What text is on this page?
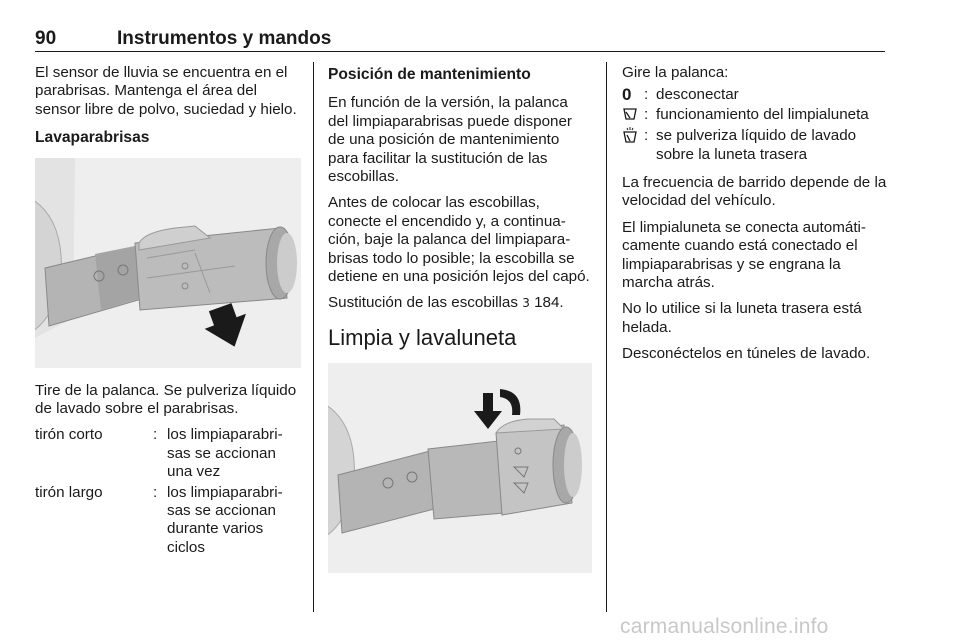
90	Instrumentos y mandos

El sensor de lluvia se encuentra en el parabrisas. Mantenga el área del sensor libre de polvo, suciedad y hielo.

Lavaparabrisas

Tire de la palanca. Se pulveriza líquido de lavado sobre el parabrisas.

tirón corto	:	los limpiaparabri-sas se accionan una vez
tirón largo	:	los limpiaparabri-sas se accionan durante varios ciclos
Posición de mantenimiento

En función de la versión, la palanca del limpiaparabrisas puede disponer de una posición de mantenimiento para facilitar la sustitución de las escobillas.

Antes de colocar las escobillas, conecte el encendido y, a continua-ción, baje la palanca del limpiapara-brisas todo lo posible; la escobilla se detiene en una posición lejos del capó.

Sustitución de las escobillas 3 184.

Limpia y lavaluneta

Gire la palanca:

0	:	desconectar
	:	funcionamiento del limpialuneta
	:	se pulveriza líquido de lavado sobre la luneta trasera

La frecuencia de barrido depende de la velocidad del vehículo.

El limpialuneta se conecta automáti-camente cuando está conectado el limpiaparabrisas y se engrana la marcha atrás.

No lo utilice si la luneta trasera está helada.

Desconéctelos en túneles de lavado.

carmanualsonline.info
